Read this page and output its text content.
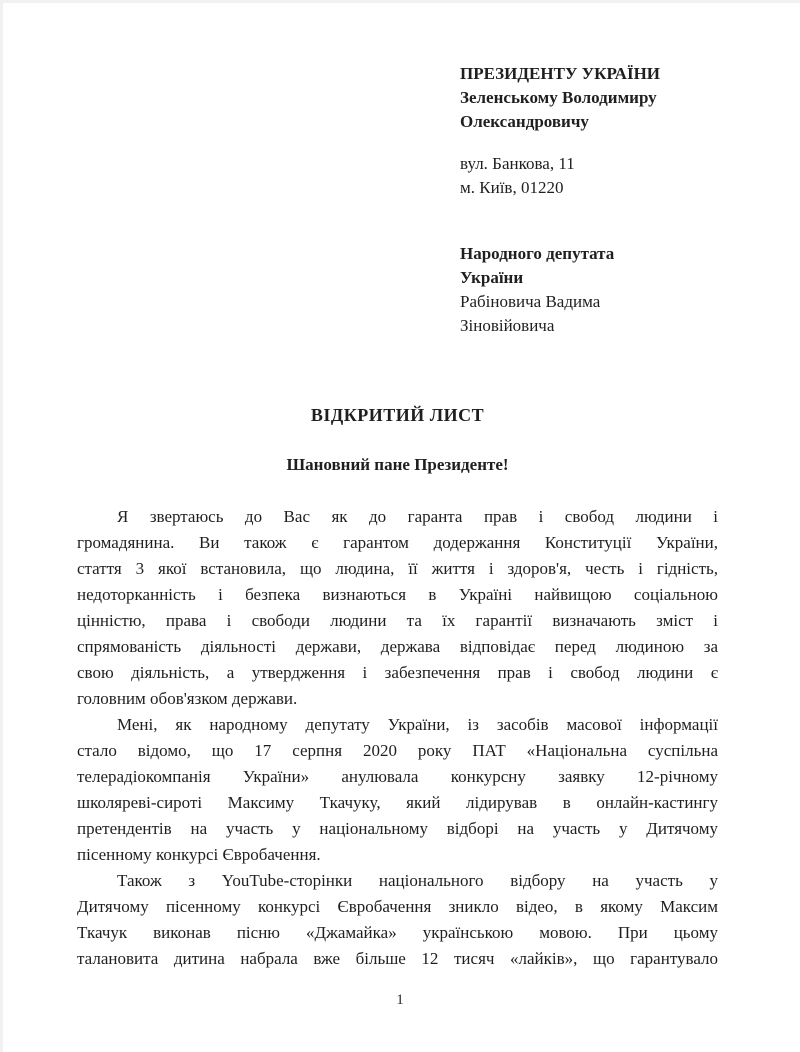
ПРЕЗИДЕНТУ УКРАЇНИ
Зеленському Володимиру
Олександровичу
вул. Банкова, 11
м. Київ, 01220
Народного депутата
України
Рабіновича Вадима
Зіновійовича
ВІДКРИТИЙ ЛИСТ
Шановний пане Президенте!
Я звертаюсь до Вас як до гаранта прав і свобод людини і
громадянина. Ви також є гарантом додержання Конституції України,
стаття 3 якої встановила, що людина, її життя і здоров'я, честь і гідність,
недоторканність і безпека визнаються в Україні найвищою соціальною
цінністю, права і свободи людини та їх гарантії визначають зміст і
спрямованість діяльності держави, держава відповідає перед людиною за
свою діяльність, а утвердження і забезпечення прав і свобод людини є
головним обов'язком держави.
Мені, як народному депутату України, із засобів масової інформації
стало відомо, що 17 серпня 2020 року ПАТ «Національна суспільна
телерадіокомпанія України» анулювала конкурсну заявку 12-річному
школяреві-сироті Максиму Ткачуку, який лідирував в онлайн-кастингу
претендентів на участь у національному відборі на участь у Дитячому
пісенному конкурсі Євробачення.
Також з YouTube-сторінки національного відбору на участь у
Дитячому пісенному конкурсі Євробачення зникло відео, в якому Максим
Ткачук виконав пісню «Джамайка» українською мовою. При цьому
талановита дитина набрала вже більше 12 тисяч «лайків», що гарантувало
1
